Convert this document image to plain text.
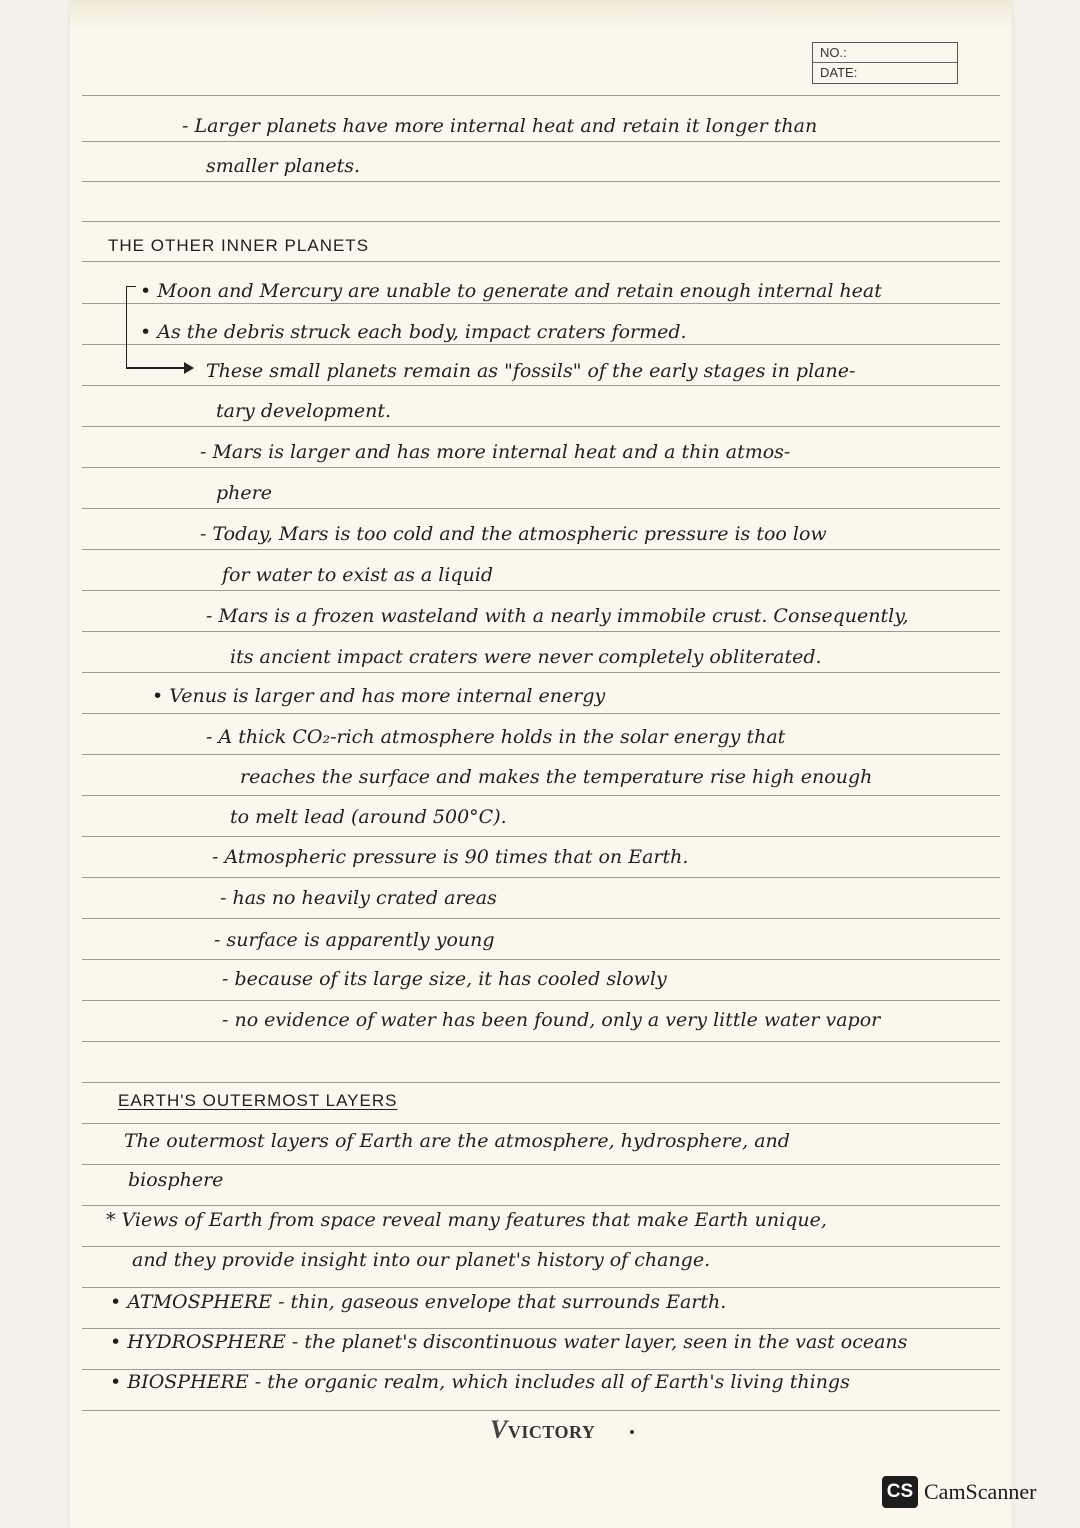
NO.:
DATE:
- Larger planets have more internal heat and retain it longer than
smaller planets.
THE OTHER INNER PLANETS
• Moon and Mercury are unable to generate and retain enough internal heat
• As the debris struck each body, impact craters formed.
These small planets remain as "fossils" of the early stages in plane-
tary development.
- Mars is larger and has more internal heat and a thin atmos-
phere
- Today, Mars is too cold and the atmospheric pressure is too low
for water to exist as a liquid
- Mars is a frozen wasteland with a nearly immobile crust. Consequently,
its ancient impact craters were never completely obliterated.
• Venus is larger and has more internal energy
- A thick CO₂-rich atmosphere holds in the solar energy that
reaches the surface and makes the temperature rise high enough
to melt lead (around 500°C).
- Atmospheric pressure is 90 times that on Earth.
- has no heavily crated areas
- surface is apparently young
- because of its large size, it has cooled slowly
- no evidence of water has been found, only a very little water vapor
EARTH'S OUTERMOST LAYERS
The outermost layers of Earth are the atmosphere, hydrosphere, and
biosphere
* Views of Earth from space reveal many features that make Earth unique,
and they provide insight into our planet's history of change.
• ATMOSPHERE - thin, gaseous envelope that surrounds Earth.
• HYDROSPHERE - the planet's discontinuous water layer, seen in the vast oceans
• BIOSPHERE - the organic realm, which includes all of Earth's living things
VVICTORY
CS CamScanner
